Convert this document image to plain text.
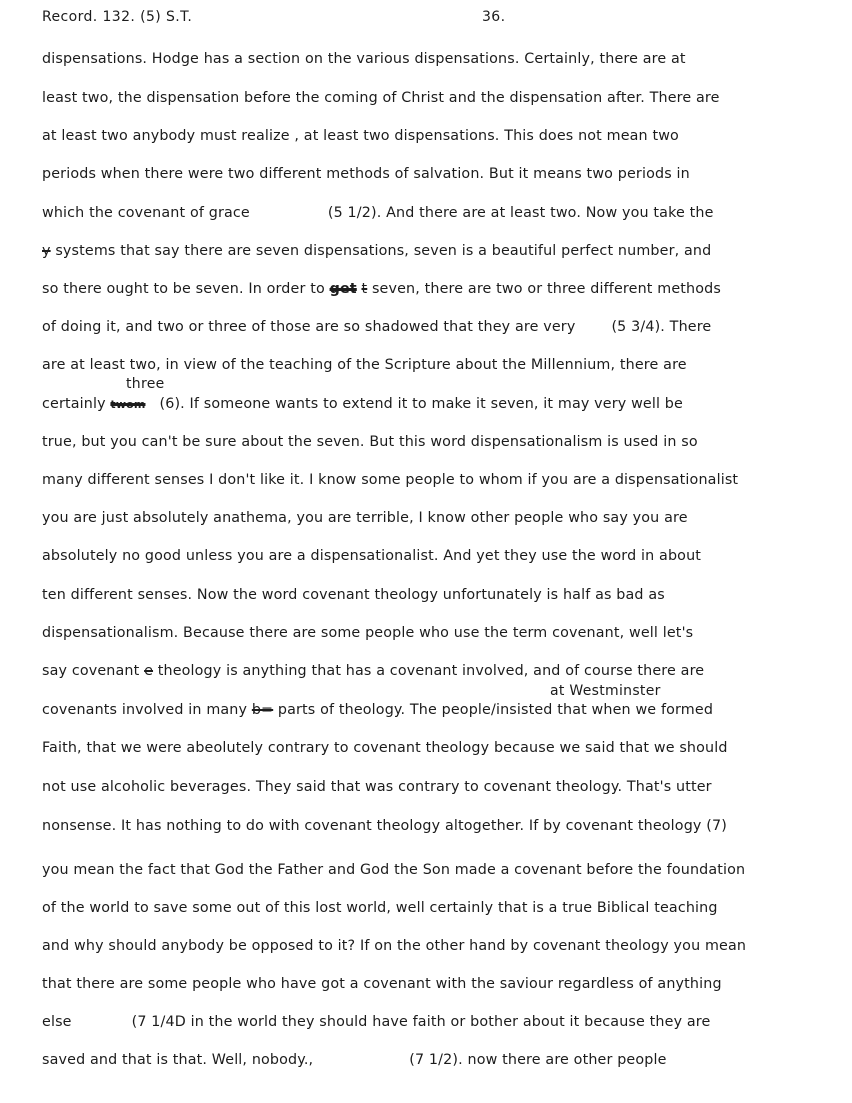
Record. 132. (5) S.T.	36.
dispensations. Hodge has a section on the various dispensations. Certainly, there are at
least two, the dispensation before the coming of Christ and the dispensation after. There are
at least two anybody must realize , at least two dispensations. This does not mean two
periods when there were two different methods of salvation. But it means two periods in
which the covenant of grace	(5 1/2). And there are at least two. Now you take the
y systems that say there are seven dispensations, seven is a beautiful perfect number, and
so there ought to be seven. In order to get t seven, there are two or three different methods
of doing it, and two or three of those are so shadowed that they are very	(5 3/4). There
are at least two, in view of the teaching of the Scripture about the Millennium, there are
three
certainly twom (6). If someone wants to extend it to make it seven, it may very well be
true, but you can't be sure about the seven. But this word dispensationalism is used in so
many different senses I don't like it. I know some people to whom if you are a dispensationalist
you are just absolutely anathema, you are terrible, I know other people who say you are
absolutely no good unless you are a dispensationalist. And yet they use the word in about
ten different senses. Now the word covenant theology unfortunately is half as bad as
dispensationalism. Because there are some people who use the term covenant, well let's
say covenant e theology is anything that has a covenant involved, and of course there are
at Westminster
covenants involved in many b= parts of theology. The people/insisted that when we formed
Faith, that we were abeolutely contrary to covenant theology because we said that we should
not use alcoholic beverages. They said that was contrary to covenant theology. That's utter
nonsense. It has nothing to do with covenant theology altogether. If by covenant theology (7)
you mean the fact that God the Father and God the Son made a covenant before the foundation
of the world to save some out of this lost world, well certainly that is a true Biblical teaching
and why should anybody be opposed to it? If on the other hand by covenant theology you mean
that there are some people who have got a covenant with the saviour regardless of anything
else	(7 1/4D in the world they should have faith or bother about it because they are
saved and that is that. Well, nobody.,	(7 1/2). now there are other people
